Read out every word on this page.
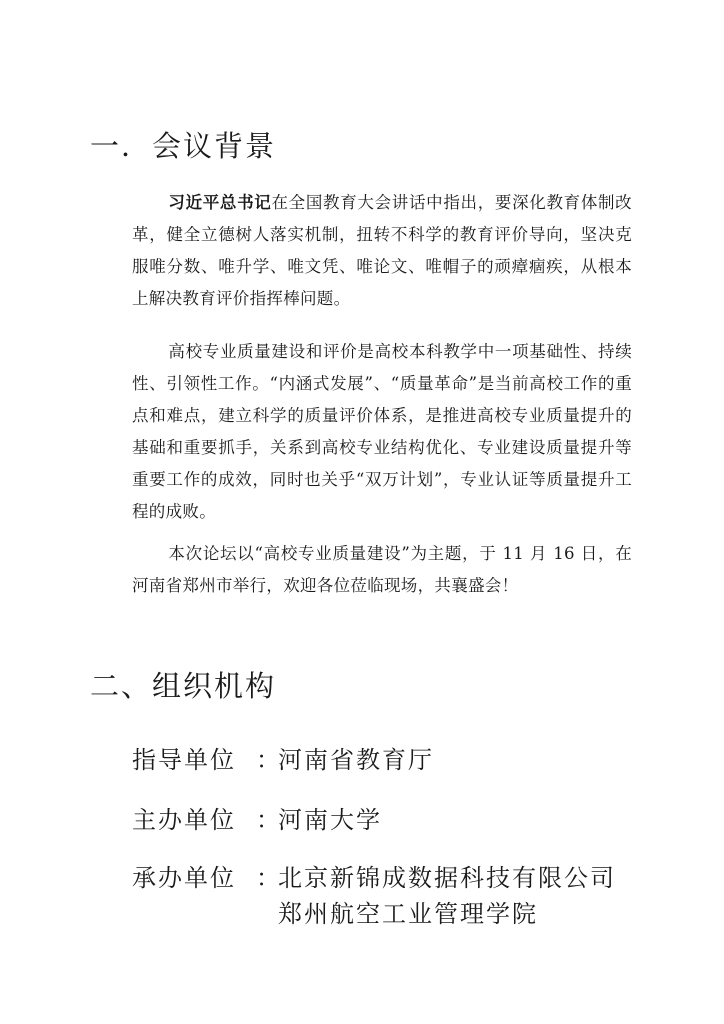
一．会议背景

习近平总书记在全国教育大会讲话中指出，要深化教育体制改革，健全立德树人落实机制，扭转不科学的教育评价导向，坚决克服唯分数、唯升学、唯文凭、唯论文、唯帽子的顽瘴痼疾，从根本上解决教育评价指挥棒问题。

高校专业质量建设和评价是高校本科教学中一项基础性、持续性、引领性工作。“内涵式发展”、“质量革命”是当前高校工作的重点和难点，建立科学的质量评价体系，是推进高校专业质量提升的基础和重要抓手，关系到高校专业结构优化、专业建设质量提升等重要工作的成效，同时也关乎“双万计划”，专业认证等质量提升工程的成败。

本次论坛以“高校专业质量建设”为主题，于 11 月 16 日，在河南省郑州市举行，欢迎各位莅临现场，共襄盛会！

二、组织机构
指导单位 ：
河南省教育厅
主办单位 ：
河南大学
承办单位 ：
北京新锦成数据科技有限公司
郑州航空工业管理学院
